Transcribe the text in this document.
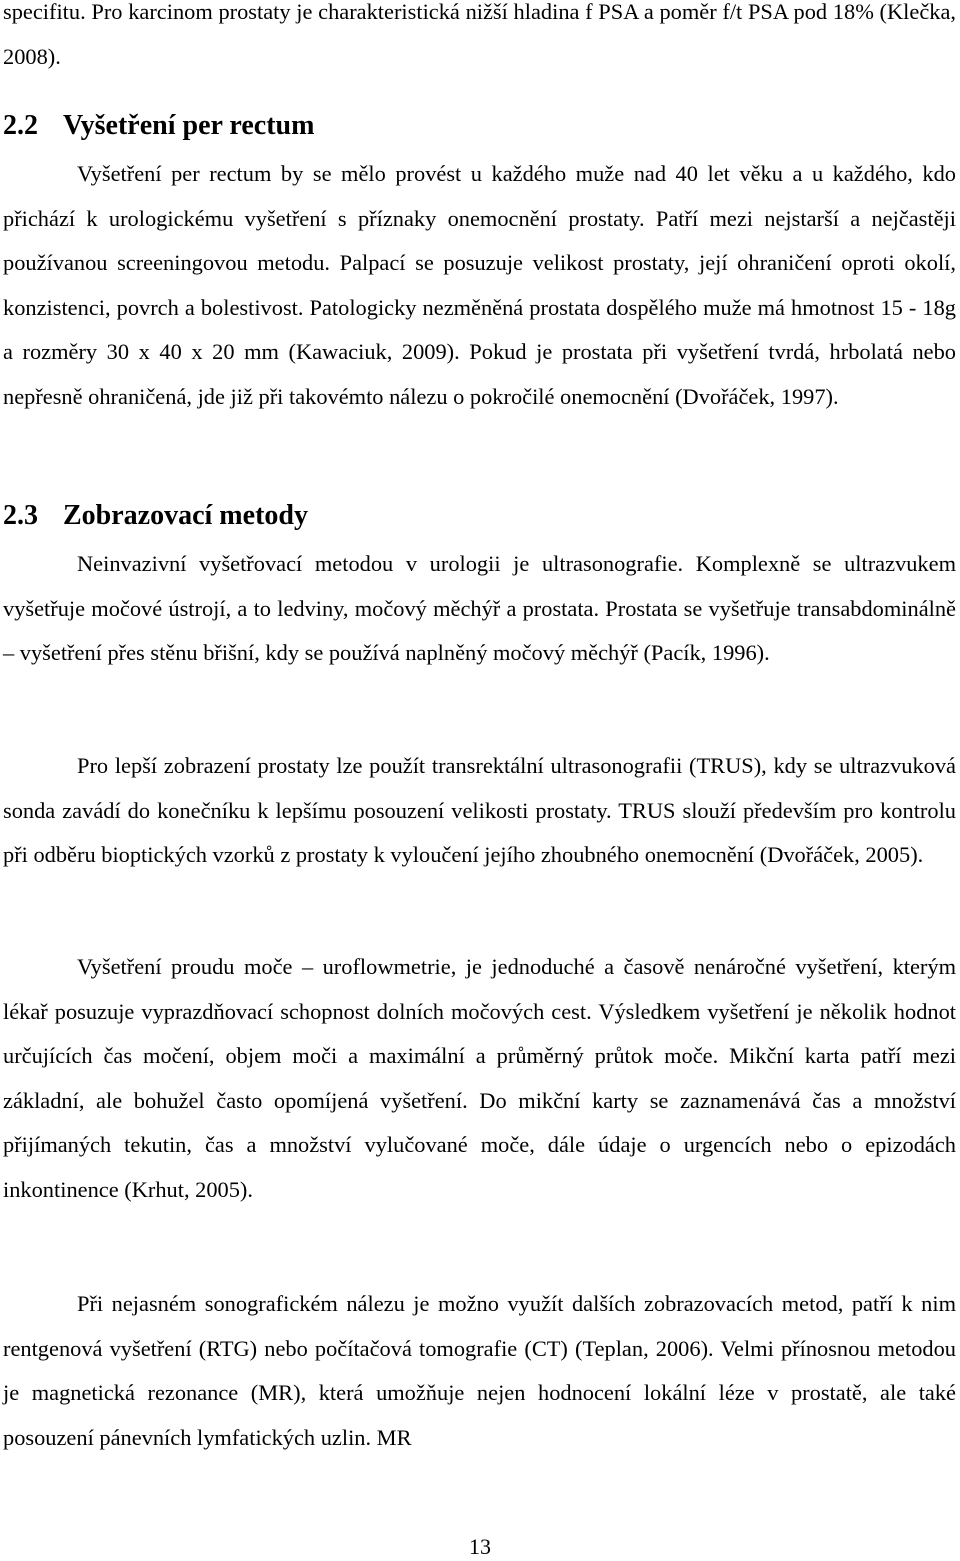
specifitu. Pro karcinom prostaty je charakteristická nižší hladina f PSA a poměr f/t PSA pod 18% (Klečka, 2008).

2.2 Vyšetření per rectum

Vyšetření per rectum by se mělo provést u každého muže nad 40 let věku a u každého, kdo přichází k urologickému vyšetření s příznaky onemocnění prostaty. Patří mezi nejstarší a nejčastěji používanou screeningovou metodu. Palpací se posuzuje velikost prostaty, její ohraničení oproti okolí, konzistenci, povrch a bolestivost. Patologicky nezměněná prostata dospělého muže má hmotnost 15 - 18g a rozměry 30 x 40 x 20 mm (Kawaciuk, 2009). Pokud je prostata při vyšetření tvrdá, hrbolatá nebo nepřesně ohraničená, jde již při takovémto nálezu o pokročilé onemocnění (Dvořáček, 1997).

2.3 Zobrazovací metody

Neinvazivní vyšetřovací metodou v urologii je ultrasonografie. Komplexně se ultrazvukem vyšetřuje močové ústrojí, a to ledviny, močový měchýř a prostata. Prostata se vyšetřuje transabdominálně – vyšetření přes stěnu břišní, kdy se používá naplněný močový měchýř (Pacík, 1996).

Pro lepší zobrazení prostaty lze použít transrektální ultrasonografii (TRUS), kdy se ultrazvuková sonda zavádí do konečníku k lepšímu posouzení velikosti prostaty. TRUS slouží především pro kontrolu při odběru bioptických vzorků z prostaty k vyloučení jejího zhoubného onemocnění (Dvořáček, 2005).

Vyšetření proudu moče – uroflowmetrie, je jednoduché a časově nenáročné vyšetření, kterým lékař posuzuje vyprazdňovací schopnost dolních močových cest. Výsledkem vyšetření je několik hodnot určujících čas močení, objem moči a maximální a průměrný průtok moče. Mikční karta patří mezi základní, ale bohužel často opomíjená vyšetření. Do mikční karty se zaznamenává čas a množství přijímaných tekutin, čas a množství vylučované moče, dále údaje o urgencích nebo o epizodách inkontinence (Krhut, 2005).

Při nejasném sonografickém nálezu je možno využít dalších zobrazovacích metod, patří k nim rentgenová vyšetření (RTG) nebo počítačová tomografie (CT) (Teplan, 2006). Velmi přínosnou metodou je magnetická rezonance (MR), která umožňuje nejen hodnocení lokální léze v prostatě, ale také posouzení pánevních lymfatických uzlin. MR

13
